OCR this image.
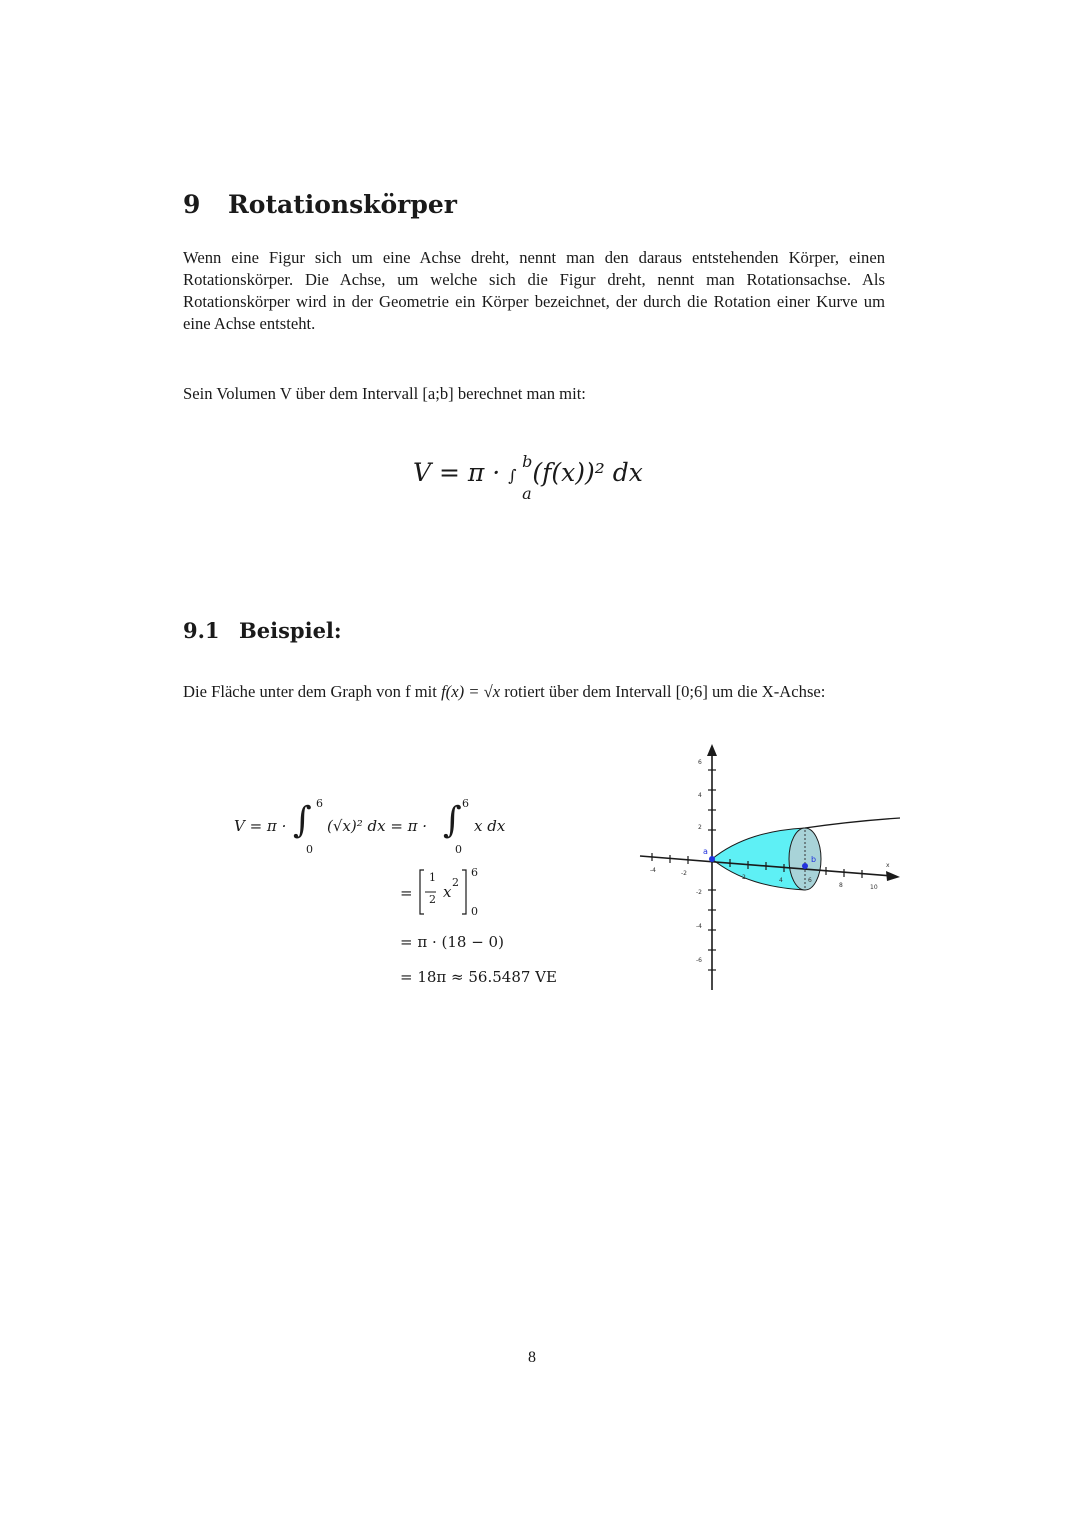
9 Rotationskörper
Wenn eine Figur sich um eine Achse dreht, nennt man den daraus entstehenden Körper, einen Rotationskörper. Die Achse, um welche sich die Figur dreht, nennt man Rotationsachse. Als Rotationskörper wird in der Geometrie ein Körper bezeichnet, der durch die Rotation einer Kurve um eine Achse entsteht.
Sein Volumen V über dem Intervall [a;b] berechnet man mit:
V = π · ∫
b
a
(f(x))² dx
9.1 Beispiel:
Die Fläche unter dem Graph von f mit f(x) = √x rotiert über dem Intervall [0;6] um die X-Achse:
V = π · ∫ 6
0
(√x)² dx = π · ∫ 6
0
x dx
=
1
2 x
2
6
0
= π · (18 − 0)
= 18π ≈ 56.5487 VE
-4	-2
2	4	6
8	10
6
4
2
-2
-4
-6
x
a
b
8
